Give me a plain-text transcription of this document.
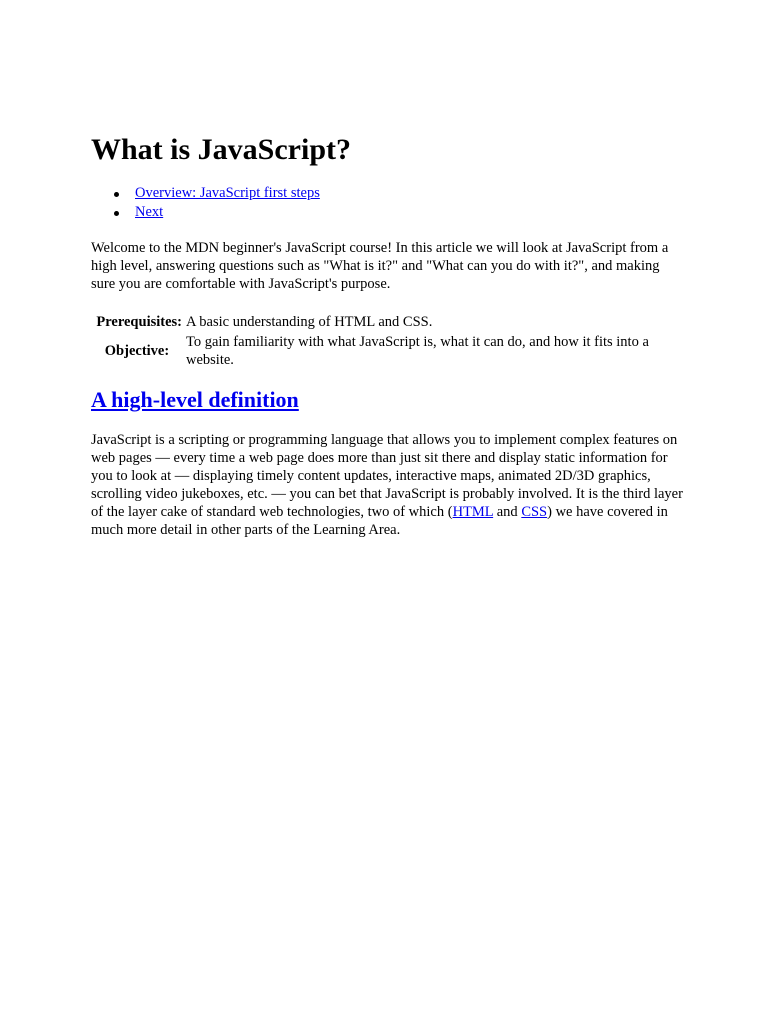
What is JavaScript?
Overview: JavaScript first steps
Next

Welcome to the MDN beginner's JavaScript course! In this article we will look at JavaScript from a high level, answering questions such as "What is it?" and "What can you do with it?", and making sure you are comfortable with JavaScript's purpose.

Prerequisites:	A basic understanding of HTML and CSS.
Objective:	To gain familiarity with what JavaScript is, what it can do, and how it fits into a website.
A high-level definition

JavaScript is a scripting or programming language that allows you to implement complex features on web pages — every time a web page does more than just sit there and display static information for you to look at — displaying timely content updates, interactive maps, animated 2D/3D graphics, scrolling video jukeboxes, etc. — you can bet that JavaScript is probably involved. It is the third layer of the layer cake of standard web technologies, two of which (HTML and CSS) we have covered in much more detail in other parts of the Learning Area.
